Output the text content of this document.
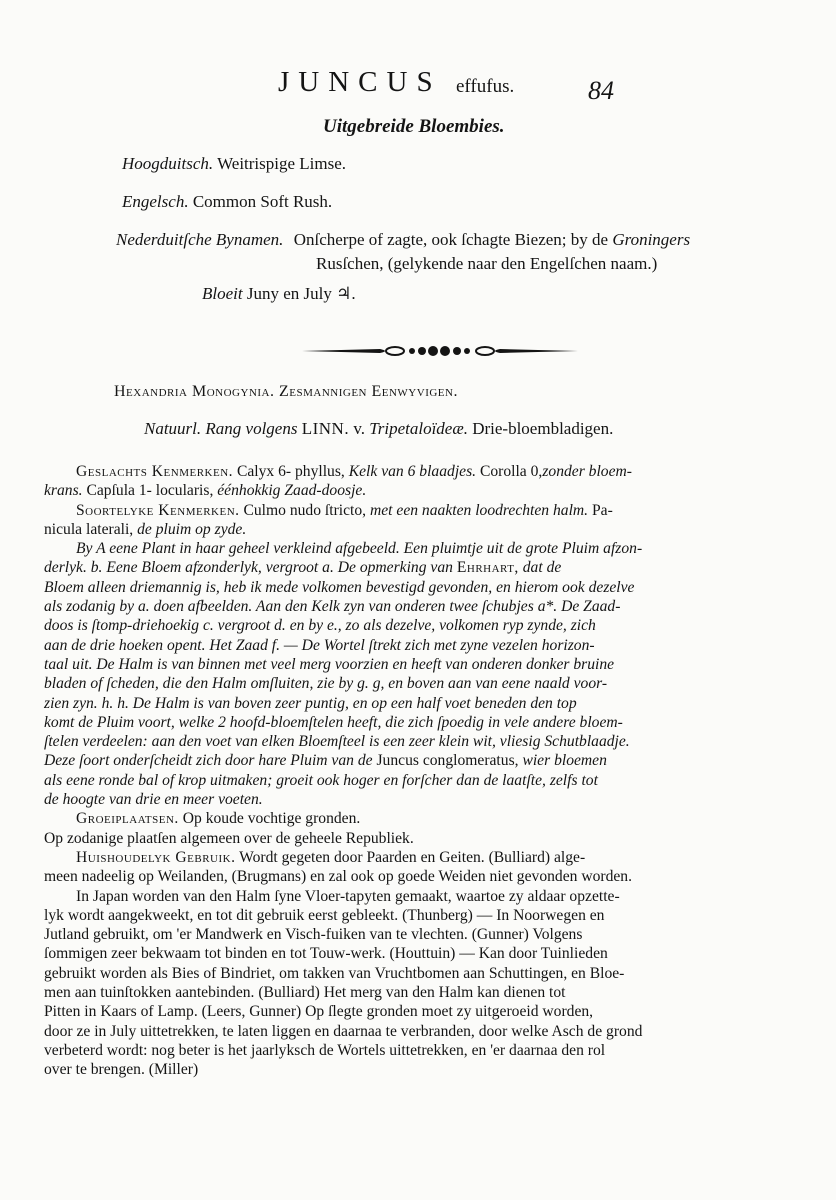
JUNCUS effufus.	84
Uitgebreide Bloembies.
Hoogduitsch. Weitrispige Limse.
Engelsch. Common Soft Rush.
Nederduitſche Bynamen. Onſcherpe of zagte, ook ſchagte Biezen; by de Groningers
Rusſchen, (gelykende naar den Engelſchen naam.)
Bloeit Juny en July ♃.
Hexandria Monogynia. Zesmannigen Eenwyvigen.
Natuurl. Rang volgens LINN. v. Tripetaloïdeæ. Drie-bloembladigen.
Geslachts Kenmerken. Calyx 6- phyllus, Kelk van 6 blaadjes. Corolla 0,zonder bloem-
krans. Capſula 1- locularis, éénhokkig Zaad-doosje.
Soortelyke Kenmerken. Culmo nudo ſtricto, met een naakten loodrechten halm. Pa-
nicula laterali, de pluim op zyde.
By A eene Plant in haar geheel verkleind afgebeeld. Een pluimtje uit de grote Pluim afzon-
derlyk. b. Eene Bloem afzonderlyk, vergroot a. De opmerking van Ehrhart, dat de
Bloem alleen driemannig is, heb ik mede volkomen bevestigd gevonden, en hierom ook dezelve
als zodanig by a. doen afbeelden. Aan den Kelk zyn van onderen twee ſchubjes a*. De Zaad-
doos is ſtomp-driehoekig c. vergroot d. en by e., zo als dezelve, volkomen ryp zynde, zich
aan de drie hoeken opent. Het Zaad f. — De Wortel ſtrekt zich met zyne vezelen horizon-
taal uit. De Halm is van binnen met veel merg voorzien en heeft van onderen donker bruine
bladen of ſcheden, die den Halm omſluiten, zie by g. g, en boven aan van eene naald voor-
zien zyn. h. h. De Halm is van boven zeer puntig, en op een half voet beneden den top
komt de Pluim voort, welke 2 hoofd-bloemſtelen heeft, die zich ſpoedig in vele andere bloem-
ſtelen verdeelen: aan den voet van elken Bloemſteel is een zeer klein wit, vliesig Schutblaadje.
Deze ſoort onderſcheidt zich door hare Pluim van de Juncus conglomeratus, wier bloemen
als eene ronde bal of krop uitmaken; groeit ook hoger en forſcher dan de laatſte, zelfs tot
de hoogte van drie en meer voeten.
Groeiplaatsen. Op koude vochtige gronden.
Op zodanige plaatſen algemeen over de geheele Republiek.
Huishoudelyk Gebruik. Wordt gegeten door Paarden en Geiten. (Bulliard) alge-
meen nadeelig op Weilanden, (Brugmans) en zal ook op goede Weiden niet gevonden worden.
In Japan worden van den Halm ſyne Vloer-tapyten gemaakt, waartoe zy aldaar opzette-
lyk wordt aangekweekt, en tot dit gebruik eerst gebleekt. (Thunberg) — In Noorwegen en
Jutland gebruikt, om 'er Mandwerk en Visch-fuiken van te vlechten. (Gunner) Volgens
ſommigen zeer bekwaam tot binden en tot Touw-werk. (Houttuin) — Kan door Tuinlieden
gebruikt worden als Bies of Bindriet, om takken van Vruchtbomen aan Schuttingen, en Bloe-
men aan tuinſtokken aantebinden. (Bulliard) Het merg van den Halm kan dienen tot
Pitten in Kaars of Lamp. (Leers, Gunner) Op ſlegte gronden moet zy uitgeroeid worden,
door ze in July uittetrekken, te laten liggen en daarnaa te verbranden, door welke Asch de grond
verbeterd wordt: nog beter is het jaarlyksch de Wortels uittetrekken, en 'er daarnaa den rol
over te brengen. (Miller)
